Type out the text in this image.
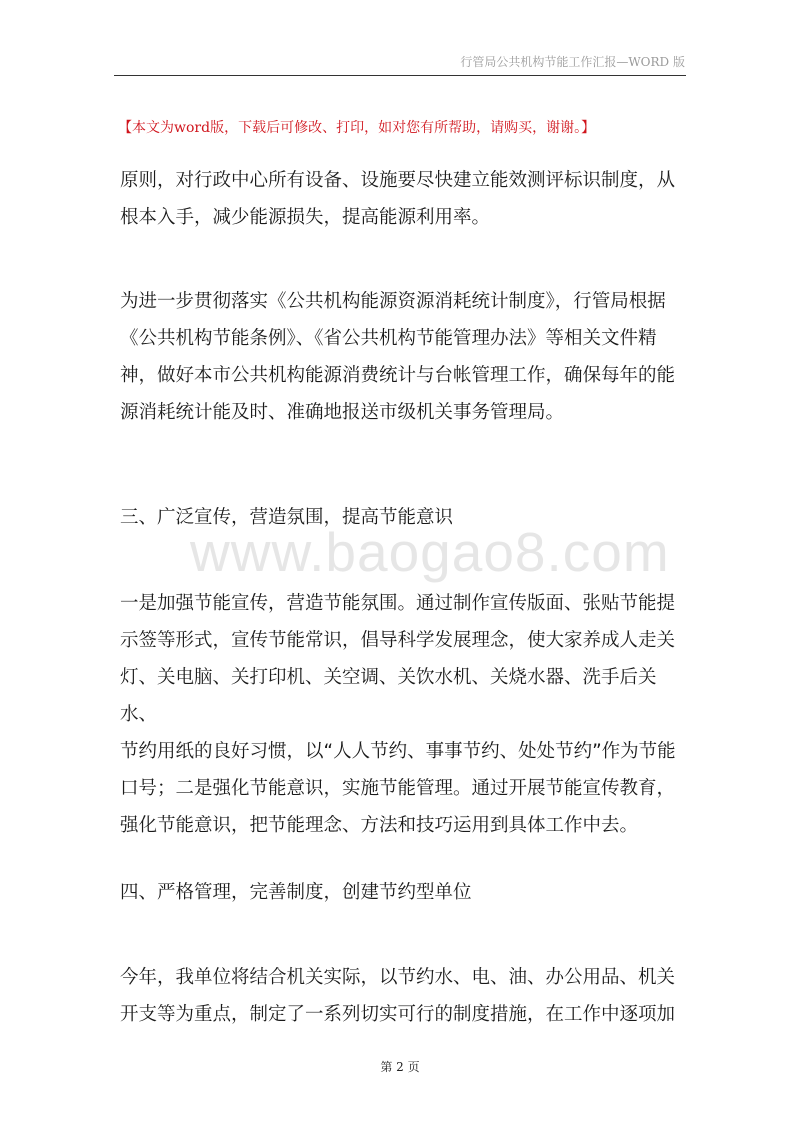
行管局公共机构节能工作汇报—WORD 版
【本文为word版，下载后可修改、打印，如对您有所帮助，请购买，谢谢。】
www.baogao8.com
原则，对行政中心所有设备、设施要尽快建立能效测评标识制度，从
根本入手，减少能源损失，提高能源利用率。
为进一步贯彻落实《公共机构能源资源消耗统计制度》，行管局根据
《公共机构节能条例》、《省公共机构节能管理办法》等相关文件精
神，做好本市公共机构能源消费统计与台帐管理工作，确保每年的能
源消耗统计能及时、准确地报送市级机关事务管理局。
三、广泛宣传，营造氛围，提高节能意识
一是加强节能宣传，营造节能氛围。通过制作宣传版面、张贴节能提
示签等形式，宣传节能常识，倡导科学发展理念，使大家养成人走关
灯、关电脑、关打印机、关空调、关饮水机、关烧水器、洗手后关水、
节约用纸的良好习惯，以“人人节约、事事节约、处处节约”作为节能
口号；二是强化节能意识，实施节能管理。通过开展节能宣传教育，
强化节能意识，把节能理念、方法和技巧运用到具体工作中去。
四、严格管理，完善制度，创建节约型单位
今年，我单位将结合机关实际，以节约水、电、油、办公用品、机关
开支等为重点，制定了一系列切实可行的制度措施，在工作中逐项加
第 2 页
